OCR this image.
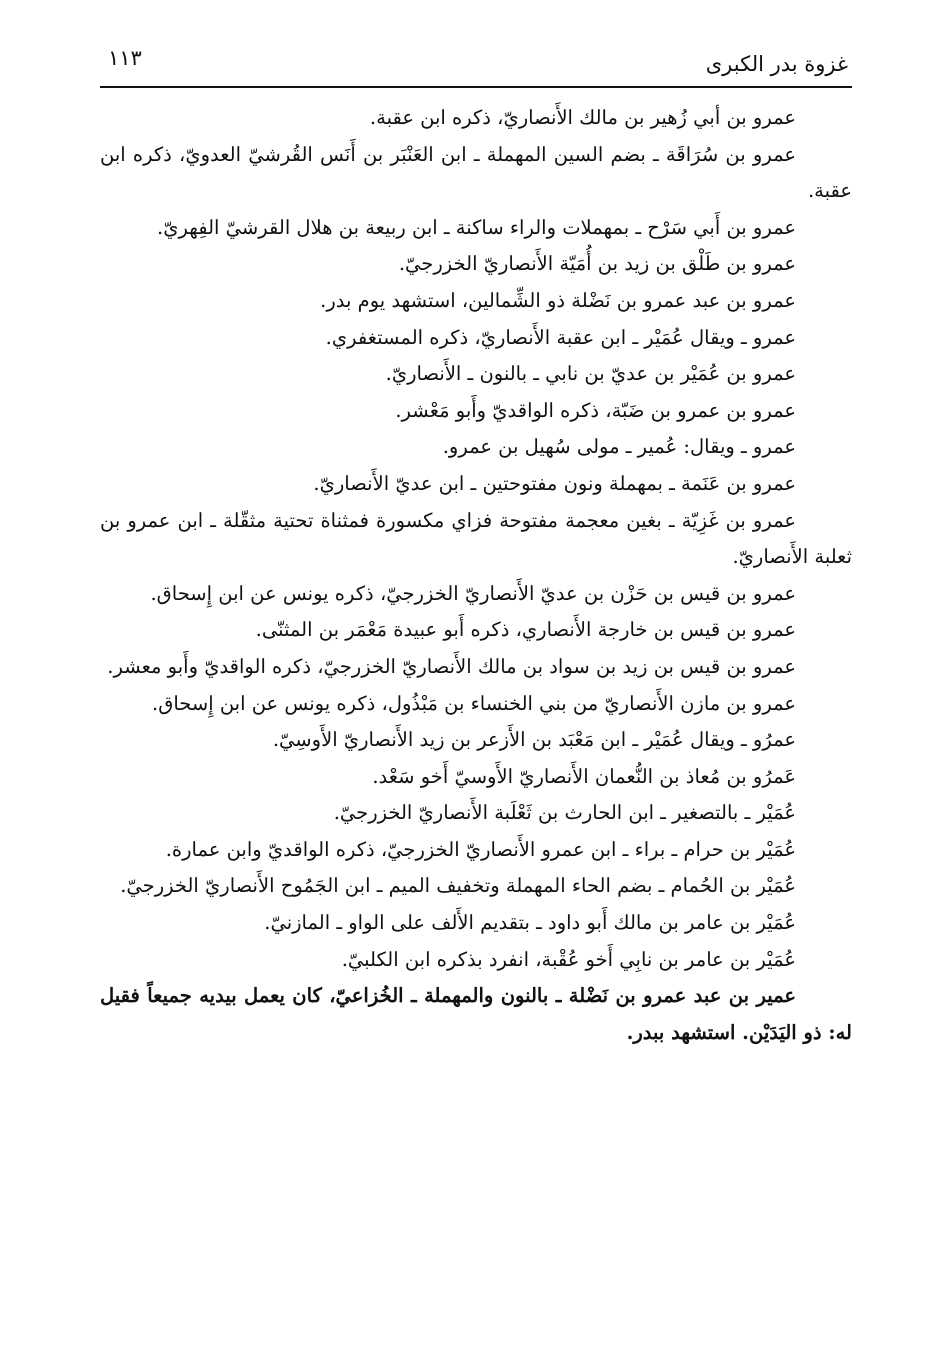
غزوة بدر الكبرى
١١٣

عمرو بن أبي زُهير بن مالك الأَنصاريّ، ذكره ابن عقبة.

عمرو بن سُرَاقَة ـ بضم السين المهملة ـ ابن العَنْبَر بن أَنَس القُرشيّ العدويّ، ذكره ابن عقبة.

عمرو بن أَبي سَرْح ـ بمهملات والراء ساكنة ـ ابن ربيعة بن هلال القرشيّ الفِهريّ.

عمرو بن طَلْق بن زيد بن أُمَيّة الأَنصاريّ الخزرجيّ.

عمرو بن عبد عمرو بن نَضْلة ذو الشِّمالين، استشهد يوم بدر.

عمرو ـ ويقال عُمَيْر ـ ابن عقبة الأَنصاريّ، ذكره المستغفري.

عمرو بن عُمَيْر بن عديّ بن نابي ـ بالنون ـ الأَنصاريّ.

عمرو بن عمرو بن ضَبّة، ذكره الواقديّ وأَبو مَعْشر.

عمرو ـ ويقال: عُمير ـ مولى سُهيل بن عمرو.

عمرو بن عَنَمة ـ بمهملة ونون مفتوحتين ـ ابن عديّ الأَنصاريّ.

عمرو بن غَزِيّة ـ بغين معجمة مفتوحة فزاي مكسورة فمثناة تحتية مثقّلة ـ ابن عمرو بن ثعلبة الأَنصاريّ.

عمرو بن قيس بن حَزْن بن عديّ الأَنصاريّ الخزرجيّ، ذكره يونس عن ابن إِسحاق.

عمرو بن قيس بن خارجة الأَنصاري، ذكره أَبو عبيدة مَعْمَر بن المثنّى.

عمرو بن قيس بن زيد بن سواد بن مالك الأَنصاريّ الخزرجيّ، ذكره الواقديّ وأَبو معشر.

عمرو بن مازن الأَنصاريّ من بني الخنساء بن مَبْذُول، ذكره يونس عن ابن إِسحاق.

عمرُو ـ ويقال عُمَيْر ـ ابن مَعْبَد بن الأَزعر بن زيد الأَنصاريّ الأَوسِيّ.

عَمرُو بن مُعاذ بن النُّعمان الأَنصاريّ الأَوسيّ أَخو سَعْد.

عُمَيْر ـ بالتصغير ـ ابن الحارث بن ثَعْلَبة الأَنصاريّ الخزرجيّ.

عُمَيْر بن حرام ـ براء ـ ابن عمرو الأَنصاريّ الخزرجيّ، ذكره الواقديّ وابن عمارة.

عُمَيْر بن الحُمام ـ بضم الحاء المهملة وتخفيف الميم ـ ابن الجَمُوح الأَنصاريّ الخزرجيّ.

عُمَيْر بن عامر بن مالك أَبو داود ـ بتقديم الأَلف على الواو ـ المازنيّ.

عُمَيْر بن عامر بن نابِي أَخو عُقْبة، انفرد بذكره ابن الكلبيّ.

عمير بن عبد عمرو بن نَضْلة ـ بالنون والمهملة ـ الخُزاعيّ، كان يعمل بيديه جميعاً فقيل له: ذو اليَدَيْن. استشهد ببدر.
